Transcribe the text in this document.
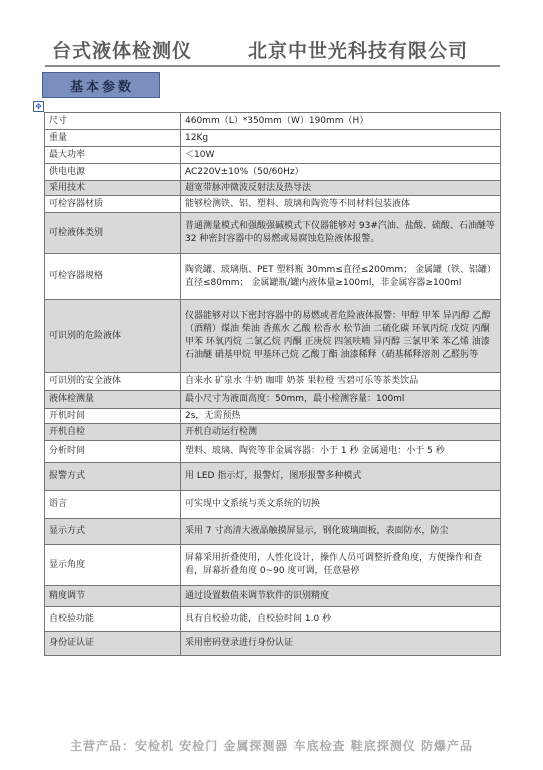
台式液体检测仪	北京中世光科技有限公司
基本参数
✥
尺寸	460mm（L）*350mm（W）190mm（H）
重量	12Kg
最大功率	＜10W
供电电源	AC220V±10%（50/60Hz）
采用技术	超宽带脉冲微波反射法及热导法
可检容器材质	能够检测铁、铝、塑料、玻璃和陶瓷等不同材料包装液体
可检液体类别	普通测量模式和强酸强碱模式下仪器能够对 93#汽油、盐酸、硫酸、石油醚等 32 种密封容器中的易燃或易腐蚀危险液体报警。
可检容器规格	陶瓷罐、玻璃瓶、PET 塑料瓶 30mm≤直径≤200mm； 金属罐（铁、铝罐）直径≤80mm； 金属罐瓶/罐内液体量≥100ml，非金属容器≥100ml
可识别的危险液体	仪器能够对以下密封容器中的易燃或者危险液体报警：甲醇 甲苯 异丙醇 乙醇（酒精）煤油 柴油 香蕉水 乙酸 松香水 松节油 二硫化碳 环氧丙烷 戊烷 丙酮 甲苯 环氧丙烷 二氯乙烷 丙酮 正庚烷 四氢呋喃 异丙醇 三氯甲苯 苯乙烯 油漆 石油醚 硝基甲烷 甲基环己烷 乙酸丁酯 油漆稀释（硝基稀释溶剂 乙醛肟等
可识别的安全液体	自来水 矿泉水 牛奶 咖啡 奶茶 果粒橙 雪碧可乐等茶类饮品
液体检测量	最小尺寸为液面高度：50mm，最小检测容量：100ml
开机时间	2s，无需预热
开机自检	开机自动运行检测
分析时间	塑料、玻璃、陶瓷等非金属容器：小于 1 秒 金属通电：小于 5 秒
报警方式	用 LED 指示灯，报警灯，图形报警多种模式
语言	可实现中文系统与英文系统的切换
显示方式	采用 7 寸高清大液晶触摸屏显示，钢化玻璃面板，表面防水，防尘
显示角度	屏幕采用折叠使用，人性化设计，操作人员可调整折叠角度，方便操作和查看，屏幕折叠角度 0~90 度可调，任意悬停
精度调节	通过设置数值来调节软件的识别精度
自校验功能	具有自校验功能，自校验时间 1.0 秒
身份证认证	采用密码登录进行身份认证
主营产品：安检机 安检门 金属探测器 车底检查 鞋底探测仪 防爆产品
